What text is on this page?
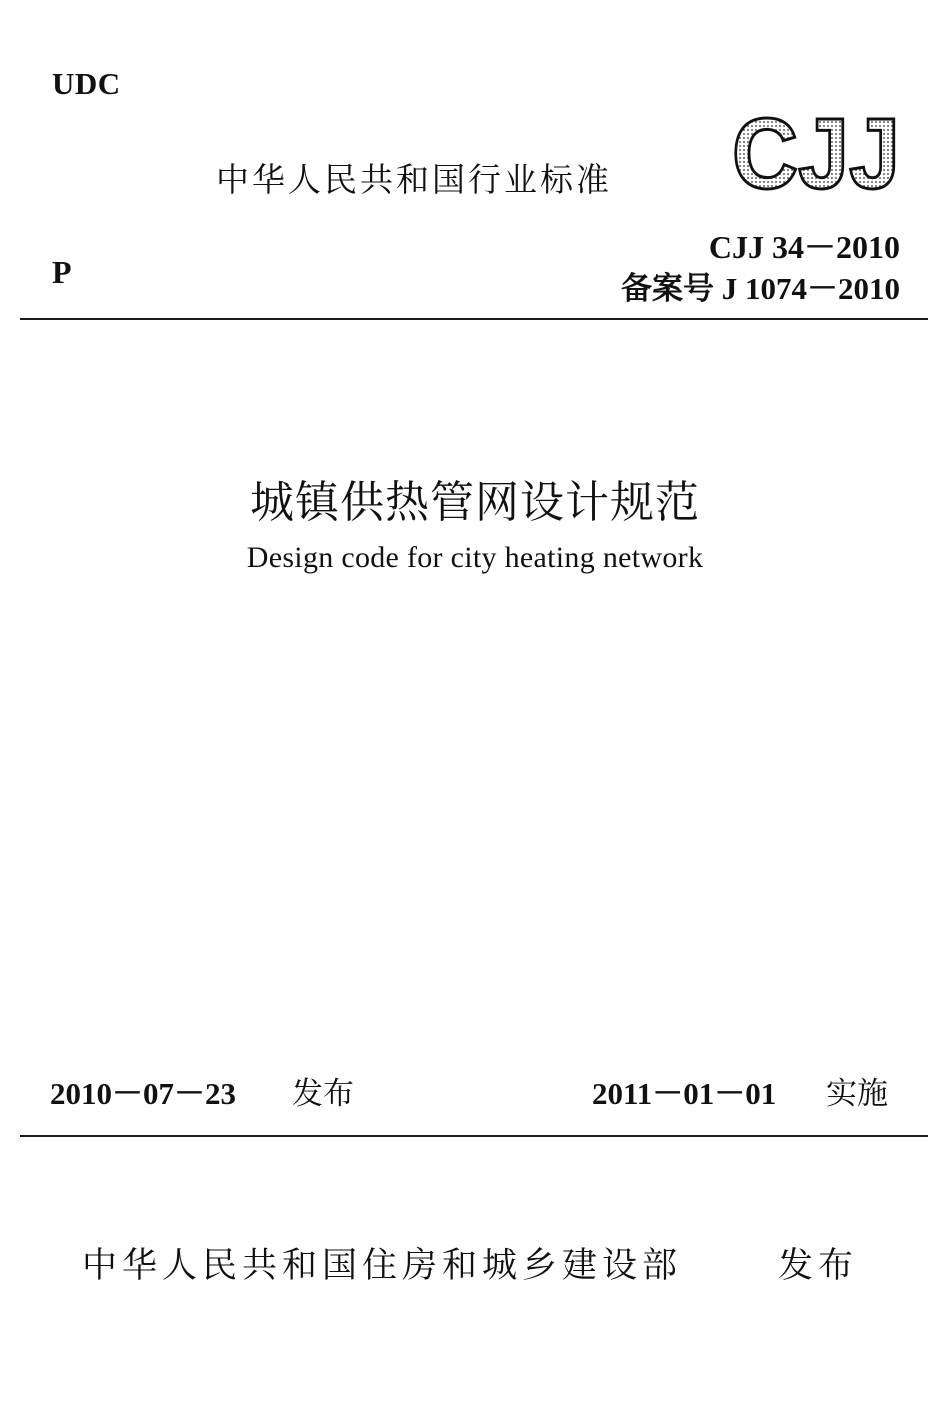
UDC
中华人民共和国行业标准
P
CJJ
CJJ 34－2010
备案号 J 1074－2010
城镇供热管网设计规范
Design code for city heating network
2010－07－23 发布	2011－01－01 实施
中华人民共和国住房和城乡建设部	发布
